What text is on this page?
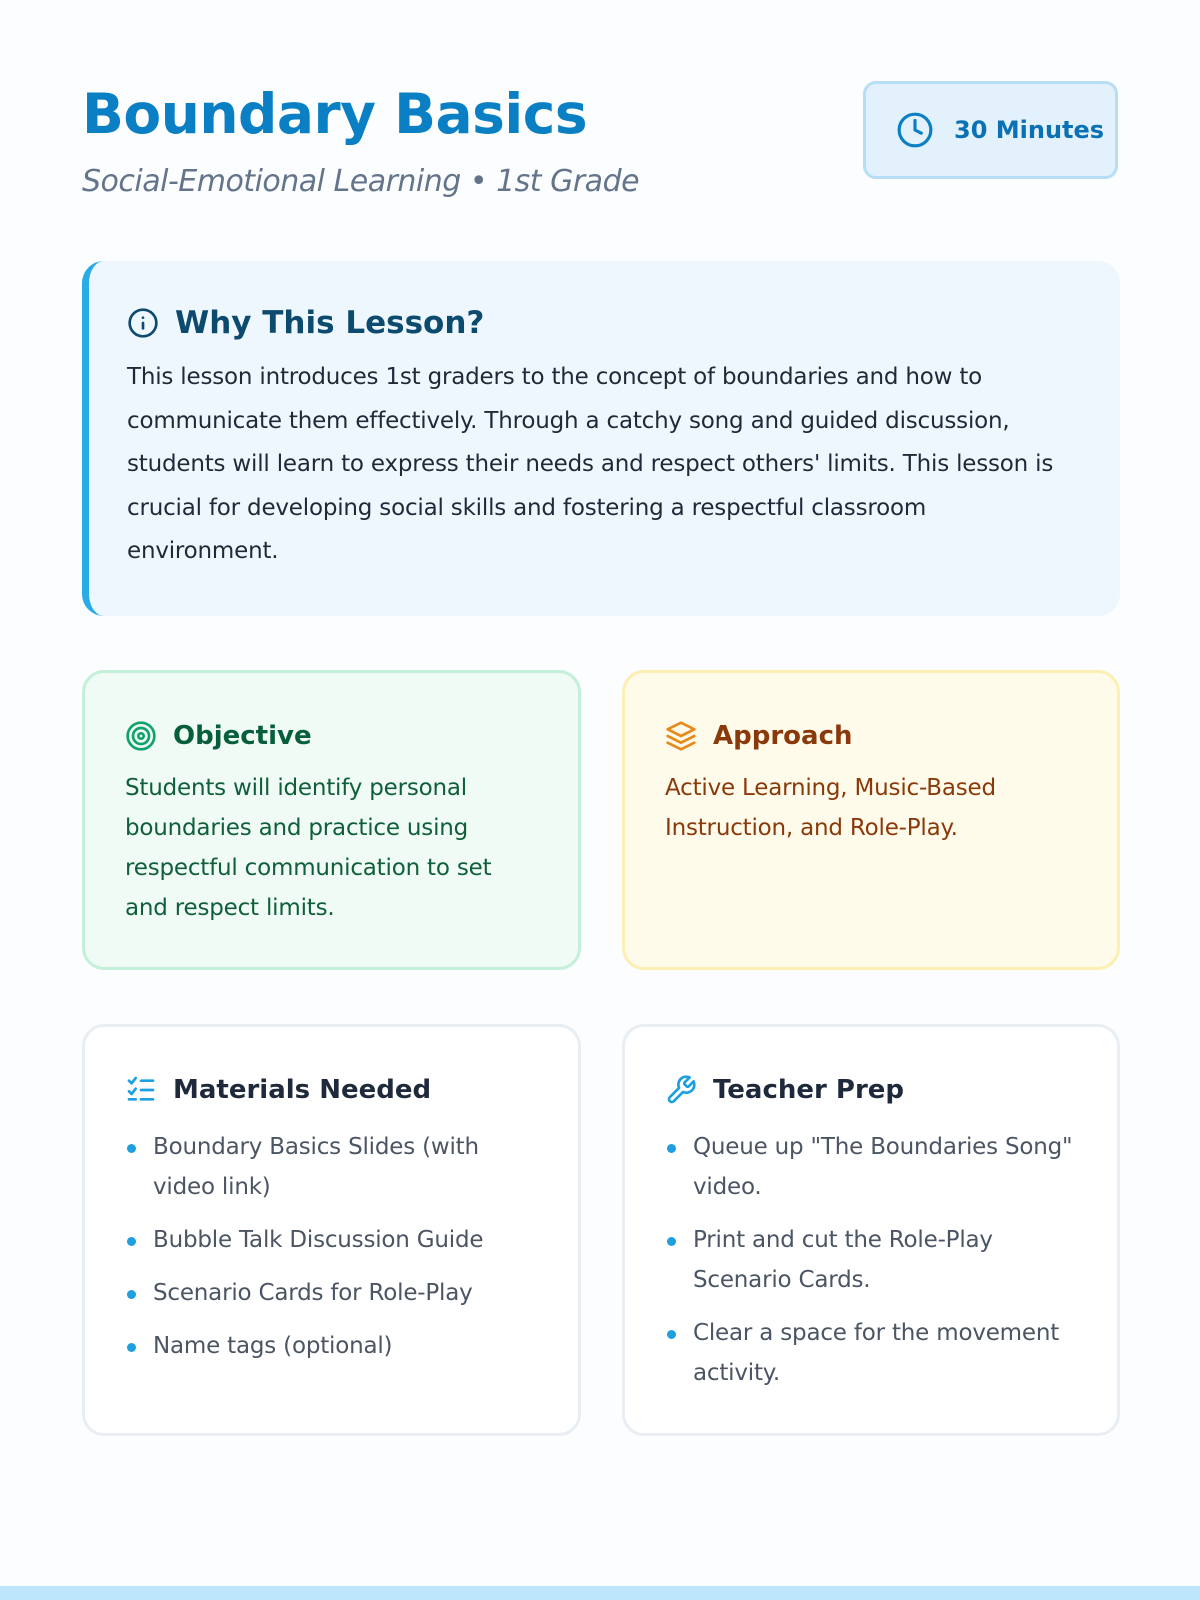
Boundary Basics
Social-Emotional Learning • 1st Grade
30 Minutes
Why This Lesson?

This lesson introduces 1st graders to the concept of boundaries and how to communicate them effectively. Through a catchy song and guided discussion, students will learn to express their needs and respect others' limits. This lesson is crucial for developing social skills and fostering a respectful classroom environment.

Objective

Students will identify personal boundaries and practice using respectful communication to set and respect limits.

Approach

Active Learning, Music-Based Instruction, and Role-Play.

Materials Needed
Boundary Basics Slides (with video link)
Bubble Talk Discussion Guide
Scenario Cards for Role-Play
Name tags (optional)
Teacher Prep
Queue up "The Boundaries Song" video.
Print and cut the Role-Play Scenario Cards.
Clear a space for the movement activity.
